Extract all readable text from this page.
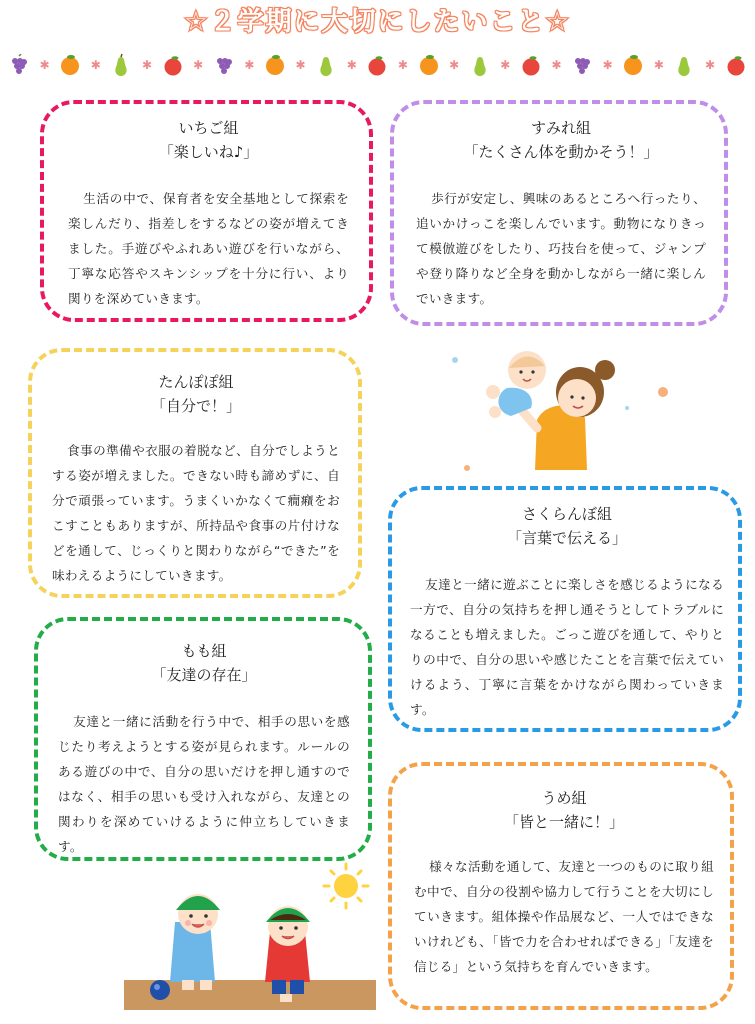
☆２学期に大切にしたいこと☆
✱	✱	✱	✱	✱	✱	✱	✱	✱	✱	✱	✱	✱	✱
いちご組
「楽しいね♪」

生活の中で、保育者を安全基地として探索を楽しんだり、指差しをするなどの姿が増えてきました。手遊びやふれあい遊びを行いながら、丁寧な応答やスキンシップを十分に行い、より関りを深めていきます。

すみれ組
「たくさん体を動かそう！」

歩行が安定し、興味のあるところへ行ったり、追いかけっこを楽しんでいます。動物になりきって模倣遊びをしたり、巧技台を使って、ジャンプや登り降りなど全身を動かしながら一緒に楽しんでいきます。

たんぽぽ組
「自分で！」

食事の準備や衣服の着脱など、自分でしようとする姿が増えました。できない時も諦めずに、自分で頑張っています。うまくいかなくて癇癪をおこすこともありますが、所持品や食事の片付けなどを通して、じっくりと関わりながら“できた”を味わえるようにしていきます。

さくらんぼ組
「言葉で伝える」

友達と一緒に遊ぶことに楽しさを感じるようになる一方で、自分の気持ちを押し通そうとしてトラブルになることも増えました。ごっこ遊びを通して、やりとりの中で、自分の思いや感じたことを言葉で伝えていけるよう、丁寧に言葉をかけながら関わっていきます。

もも組
「友達の存在」

友達と一緒に活動を行う中で、相手の思いを感じたり考えようとする姿が見られます。ルールのある遊びの中で、自分の思いだけを押し通すのではなく、相手の思いも受け入れながら、友達との関わりを深めていけるように仲立ちしていきます。

うめ組
「皆と一緒に！」

様々な活動を通して、友達と一つのものに取り組む中で、自分の役割や協力して行うことを大切にしていきます。組体操や作品展など、一人ではできないけれども、「皆で力を合わせればできる」「友達を信じる」という気持ちを育んでいきます。
